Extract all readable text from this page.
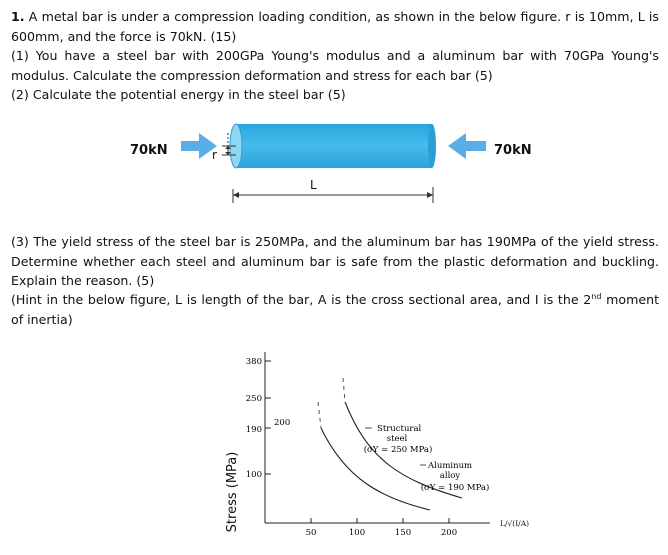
1. A metal bar is under a compression loading condition, as shown in the below figure. r is 10mm, L is 600mm, and the force is 70kN. (15)

(1) You have a steel bar with 200GPa Young's modulus and a aluminum bar with 70GPa Young's modulus. Calculate the compression deformation and stress for each bar (5)

(2) Calculate the potential energy in the steel bar (5)

70kN	r	70kN
L

(3) The yield stress of the steel bar is 250MPa, and the aluminum bar has 190MPa of the yield stress. Determine whether each steel and aluminum bar is safe from the plastic deformation and buckling. Explain the reason. (5)

(Hint in the below figure, L is length of the bar, A is the cross sectional area, and I is the 2nd moment of inertia)

Stress (MPa)
380
250
190
100
200
50	100	150	200
Structural
steel
(σY = 250 MPa)
Aluminum
alloy
(σY = 190 MPa)
L/√(I/A)
